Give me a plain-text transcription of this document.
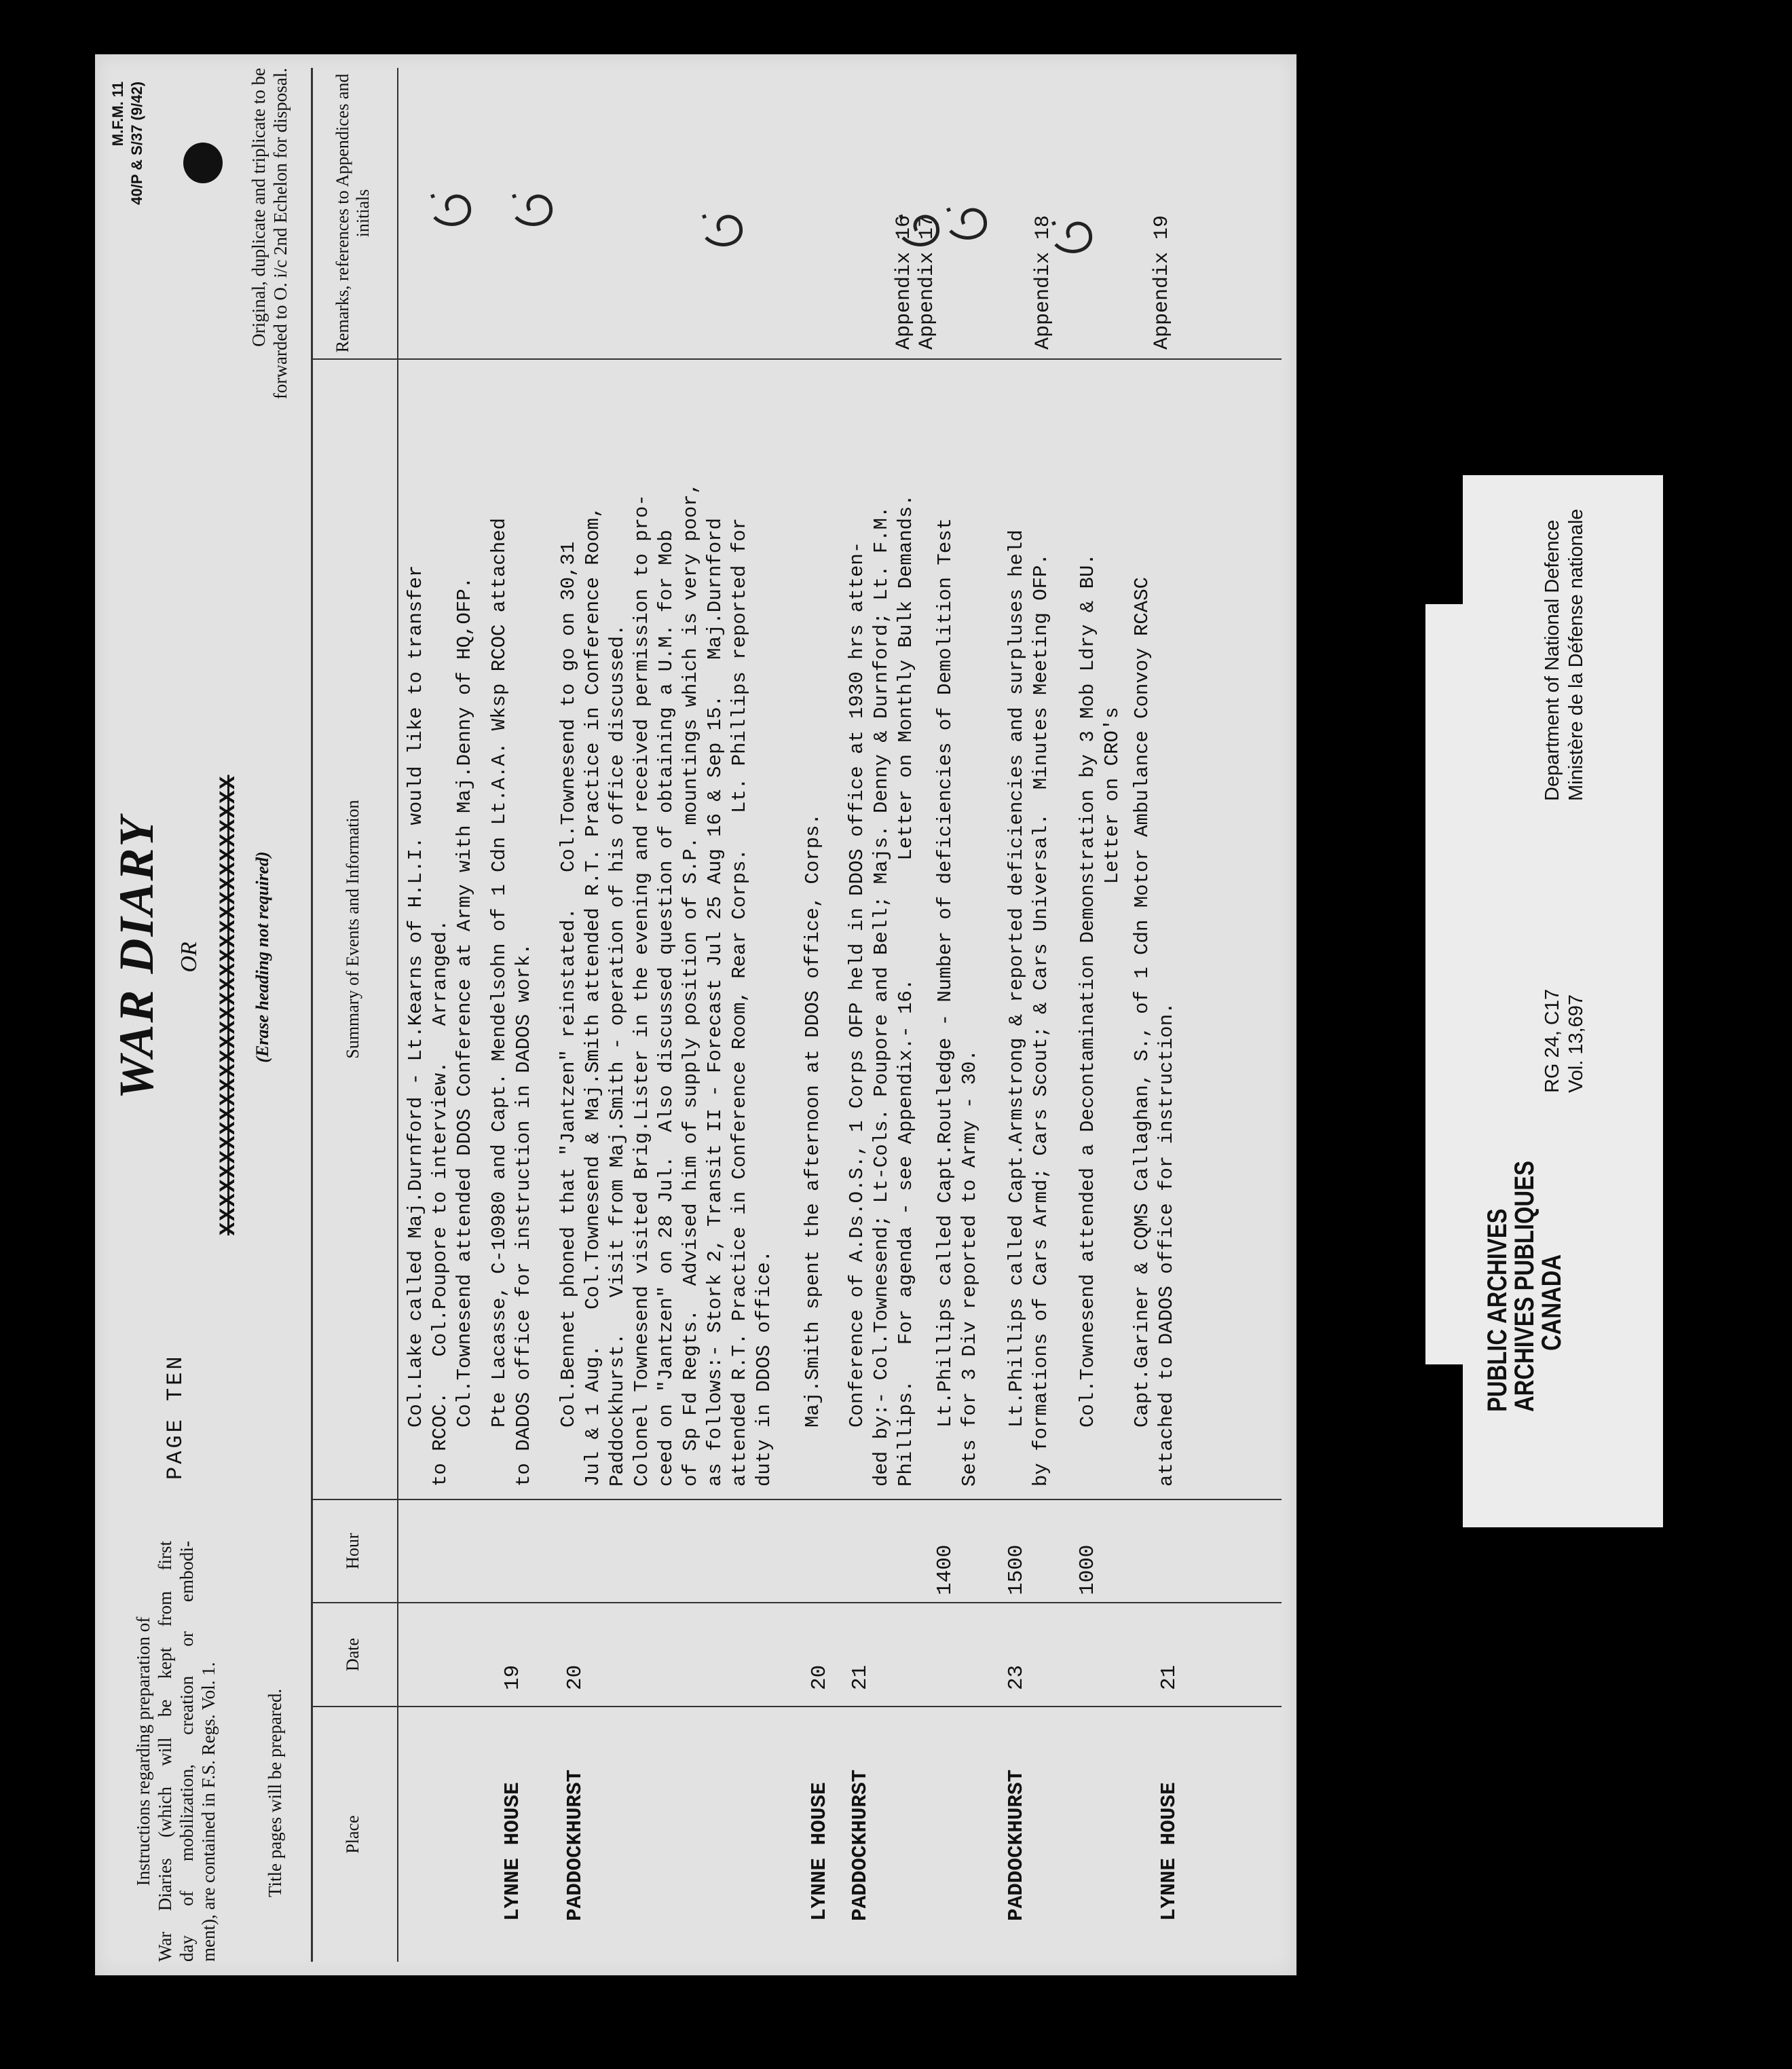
Instructions regarding preparation of War Diaries (which will be kept from first day of mobilization, creation or embodi- ment), are contained in F.S. Regs. Vol. 1.	Title pages will be prepared.
PAGE TEN
WAR DIARY OR XXXXXXXXXXXXXXXXXXXXXXXXXXXXXXXX (Erase heading not required)
M.F.M. 11 40/P & S/37 (9/42)	Original, duplicate and triplicate to be forwarded to O. i/c 2nd Echelon for disposal.
Place
Date
Hour
Summary of Events and Information
Remarks, references to Appendices and initials
Col.Lake called Maj.Durnford - Lt.Kearns of H.L.I. would like to transfer
to RCOC.   Col.Poupore to interview.   Arranged.
Col.Townesend attended DDOS Conference at Army with Maj.Denny of HQ,OFP.
LYNNE HOUSE
19
Pte Lacasse, C-10980 and Capt. Mendelsohn of 1 Cdn Lt.A.A. Wksp RCOC attached
to DADOS office for instruction in DADOS work.
PADDOCKHURST
20
Col.Bennet phoned that "Jantzen" reinstated.   Col.Townesend to go on 30,31
Jul & 1 Aug.   Col.Townesend & Maj.Smith attended R.T. Practice in Conference Room,
Paddockhurst.   Visit from Maj.Smith - operation of his office discussed.
Colonel Townesend visited Brig.Lister in the evening and received permission to pro-
ceed on "Jantzen" on 28 Jul.  Also discussed question of obtaining a U.M. for Mob
of Sp Fd Regts.  Advised him of supply position of S.P. mountings which is very poor,
as follows:- Stork 2, Transit II - Forecast Jul 25 Aug 16 & Sep 15.   Maj.Durnford
attended R.T. Practice in Conference Room, Rear Corps.   Lt. Phillips reported for
duty in DDOS office.
LYNNE HOUSE
20
Maj.Smith spent the afternoon at DDOS office, Corps.
PADDOCKHURST
21
Conference of A.Ds.O.S., 1 Corps OFP held in DDOS office at 1930 hrs atten-
ded by:- Col.Townesend; Lt-Cols. Poupore and Bell; Majs. Denny & Durnford; Lt. F.M.
Phillips.   For agenda - see Appendix.- 16.          Letter on Monthly Bulk Demands.
Appendix 16
Appendix 17
1400
Lt.Phillips called Capt.Routledge - Number of deficiencies of Demolition Test
Sets for 3 Div reported to Army - 30.
PADDOCKHURST
23
1500
Lt.Phillips called Capt.Armstrong & reported deficiencies and surpluses held
by formations of Cars Armd; Cars Scout; & Cars Universal.  Minutes Meeting OFP.
Appendix 18
1000
Col.Townesend attended a Decontamination Demonstration by 3 Mob Ldry & BU.
Letter on CRO's
LYNNE HOUSE
21
Capt.Gariner & CQMS Callaghan, S., of 1 Cdn Motor Ambulance Convoy RCASC
attached to DADOS office for instruction.
Appendix 19
PUBLIC ARCHIVES
ARCHIVES PUBLIQUES
CANADA
RG 24, C17 Vol. 13,697
Department of National Defence Ministère de la Défense nationale
